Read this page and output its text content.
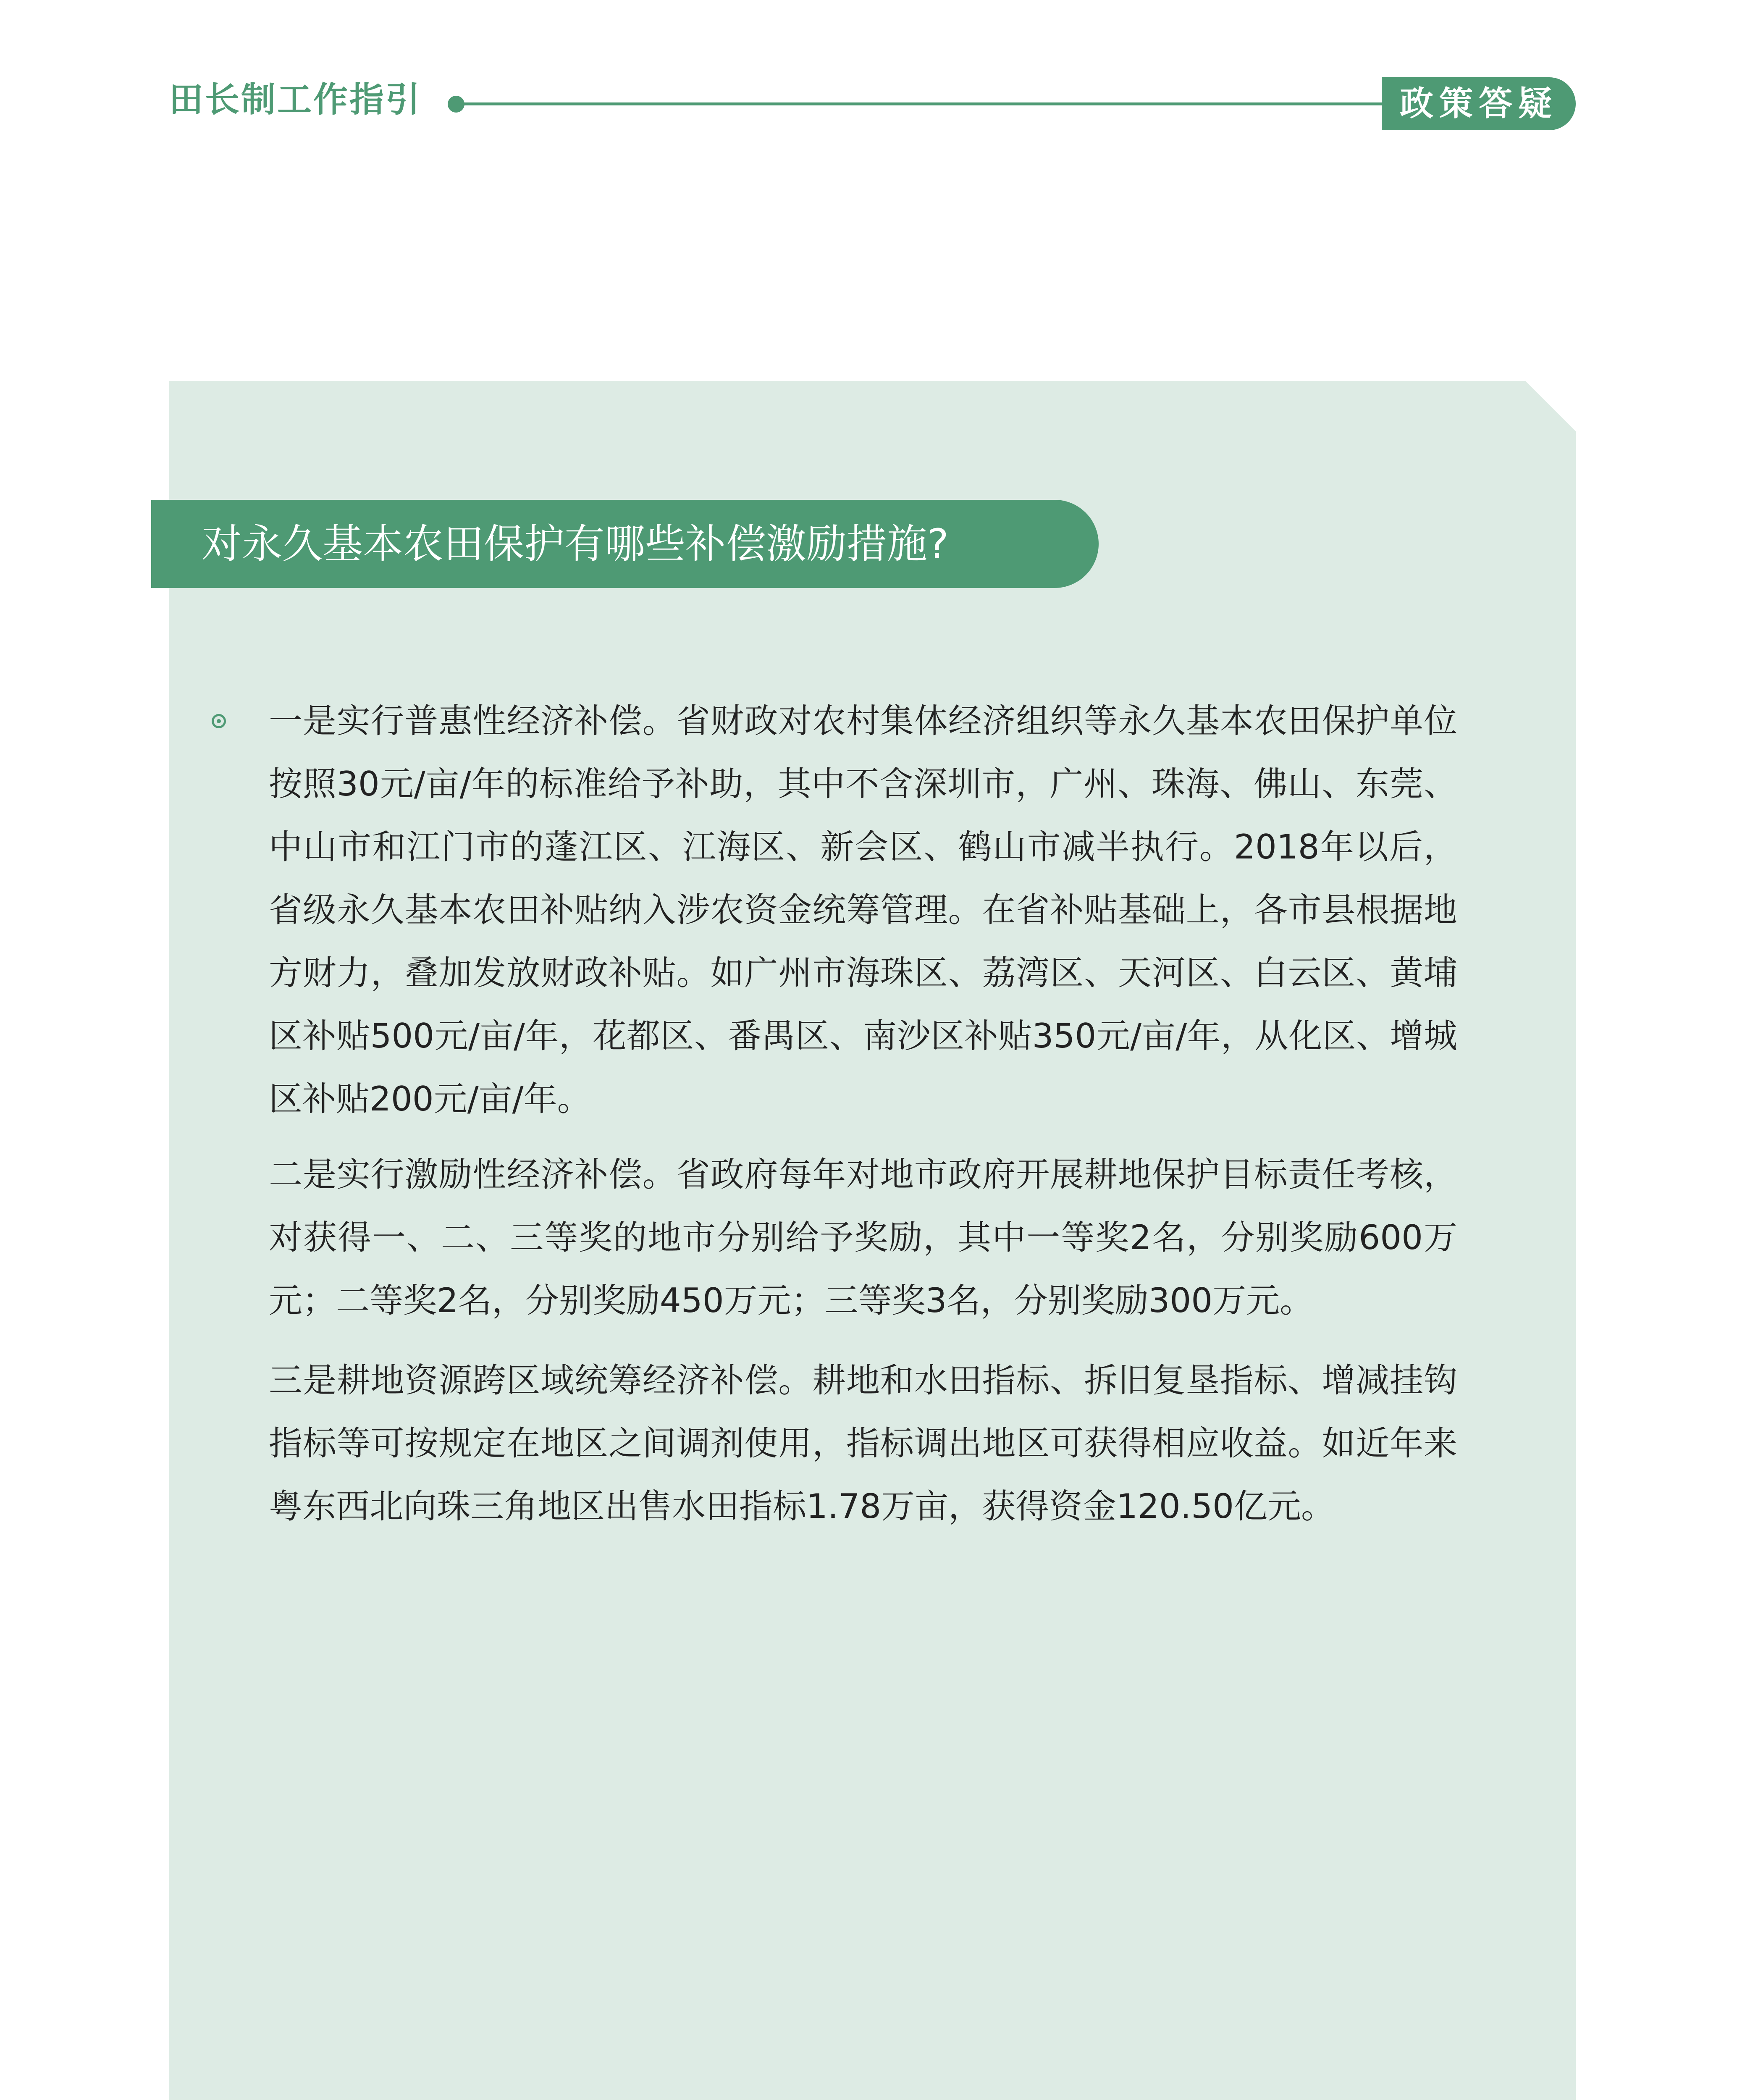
田长制工作指引	政策答疑
对永久基本农田保护有哪些补偿激励措施?

一是实行普惠性经济补偿。省财政对农村集体经济组织等永久基本农田保护单位按照30元/亩/年的标准给予补助，其中不含深圳市，广州、珠海、佛山、东莞、中山市和江门市的蓬江区、江海区、新会区、鹤山市减半执行。2018年以后，省级永久基本农田补贴纳入涉农资金统筹管理。在省补贴基础上，各市县根据地方财力，叠加发放财政补贴。如广州市海珠区、荔湾区、天河区、白云区、黄埔区补贴500元/亩/年，花都区、番禺区、南沙区补贴350元/亩/年，从化区、增城区补贴200元/亩/年。

二是实行激励性经济补偿。省政府每年对地市政府开展耕地保护目标责任考核，对获得一、二、三等奖的地市分别给予奖励，其中一等奖2名，分别奖励600万元；二等奖2名，分别奖励450万元；三等奖3名，分别奖励300万元。

三是耕地资源跨区域统筹经济补偿。耕地和水田指标、拆旧复垦指标、增减挂钩指标等可按规定在地区之间调剂使用，指标调出地区可获得相应收益。如近年来粤东西北向珠三角地区出售水田指标1.78万亩，获得资金120.50亿元。
